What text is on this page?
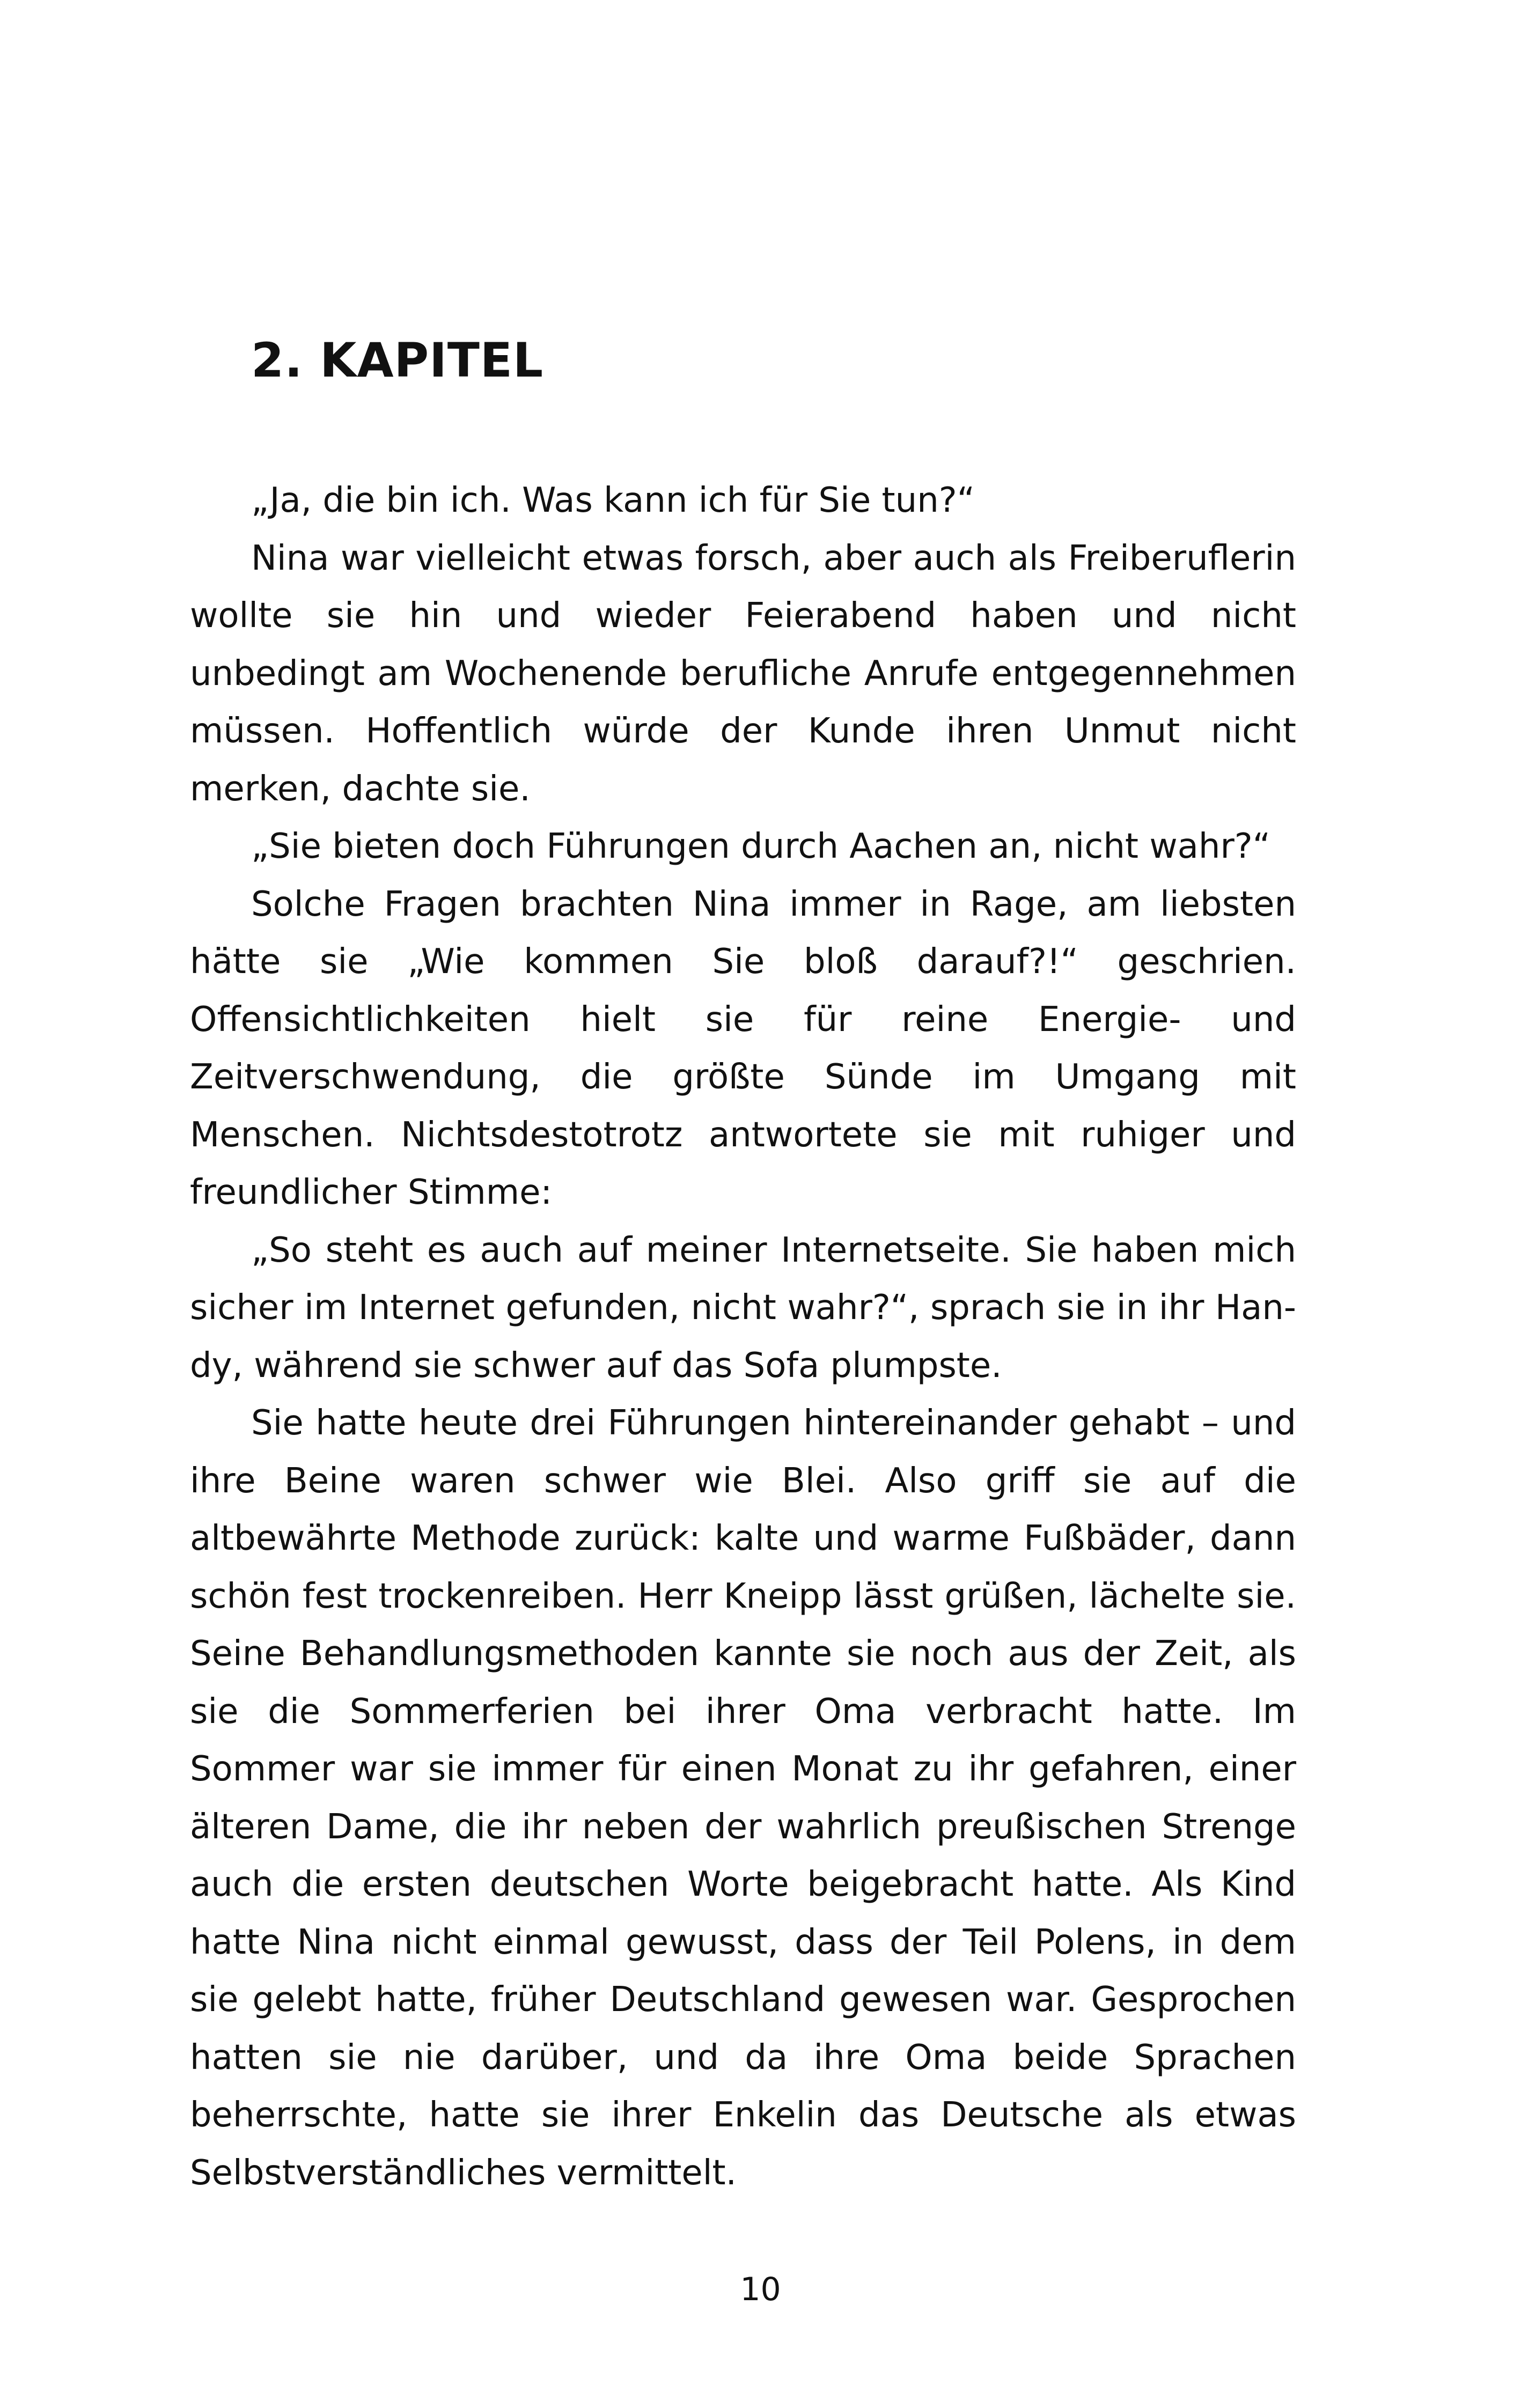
2. KAPITEL

„Ja, die bin ich. Was kann ich für Sie tun?“

Nina war vielleicht etwas forsch, aber auch als Freiberuflerin wollte sie hin und wieder Feierabend haben und nicht unbedingt am Wochenende berufliche Anrufe entgegennehmen müssen. Hoffentlich würde der Kunde ihren Unmut nicht merken, dachte sie.

„Sie bieten doch Führungen durch Aachen an, nicht wahr?“

Solche Fragen brachten Nina immer in Rage, am liebsten hätte sie „Wie kommen Sie bloß darauf?!“ geschrien. Offensichtlichkeiten hielt sie für reine Energie- und Zeitverschwendung, die größte Sünde im Umgang mit Menschen. Nichtsdestotrotz antwortete sie mit ruhiger und freundlicher Stimme:

„So steht es auch auf meiner Internetseite. Sie haben mich sicher im Internet gefunden, nicht wahr?“, sprach sie in ihr Handy, während sie schwer auf das Sofa plumpste.

Sie hatte heute drei Führungen hintereinander gehabt – und ihre Beine waren schwer wie Blei. Also griff sie auf die altbewährte Methode zurück: kalte und warme Fußbäder, dann schön fest trockenreiben. Herr Kneipp lässt grüßen, lächelte sie. Seine Behandlungsmethoden kannte sie noch aus der Zeit, als sie die Sommerferien bei ihrer Oma verbracht hatte. Im Sommer war sie immer für einen Monat zu ihr gefahren, einer älteren Dame, die ihr neben der wahrlich preußischen Strenge auch die ersten deutschen Worte beigebracht hatte. Als Kind hatte Nina nicht einmal gewusst, dass der Teil Polens, in dem sie gelebt hatte, früher Deutschland gewesen war. Gesprochen hatten sie nie darüber, und da ihre Oma beide Sprachen beherrschte, hatte sie ihrer Enkelin das Deutsche als etwas Selbstverständliches vermittelt.

10
